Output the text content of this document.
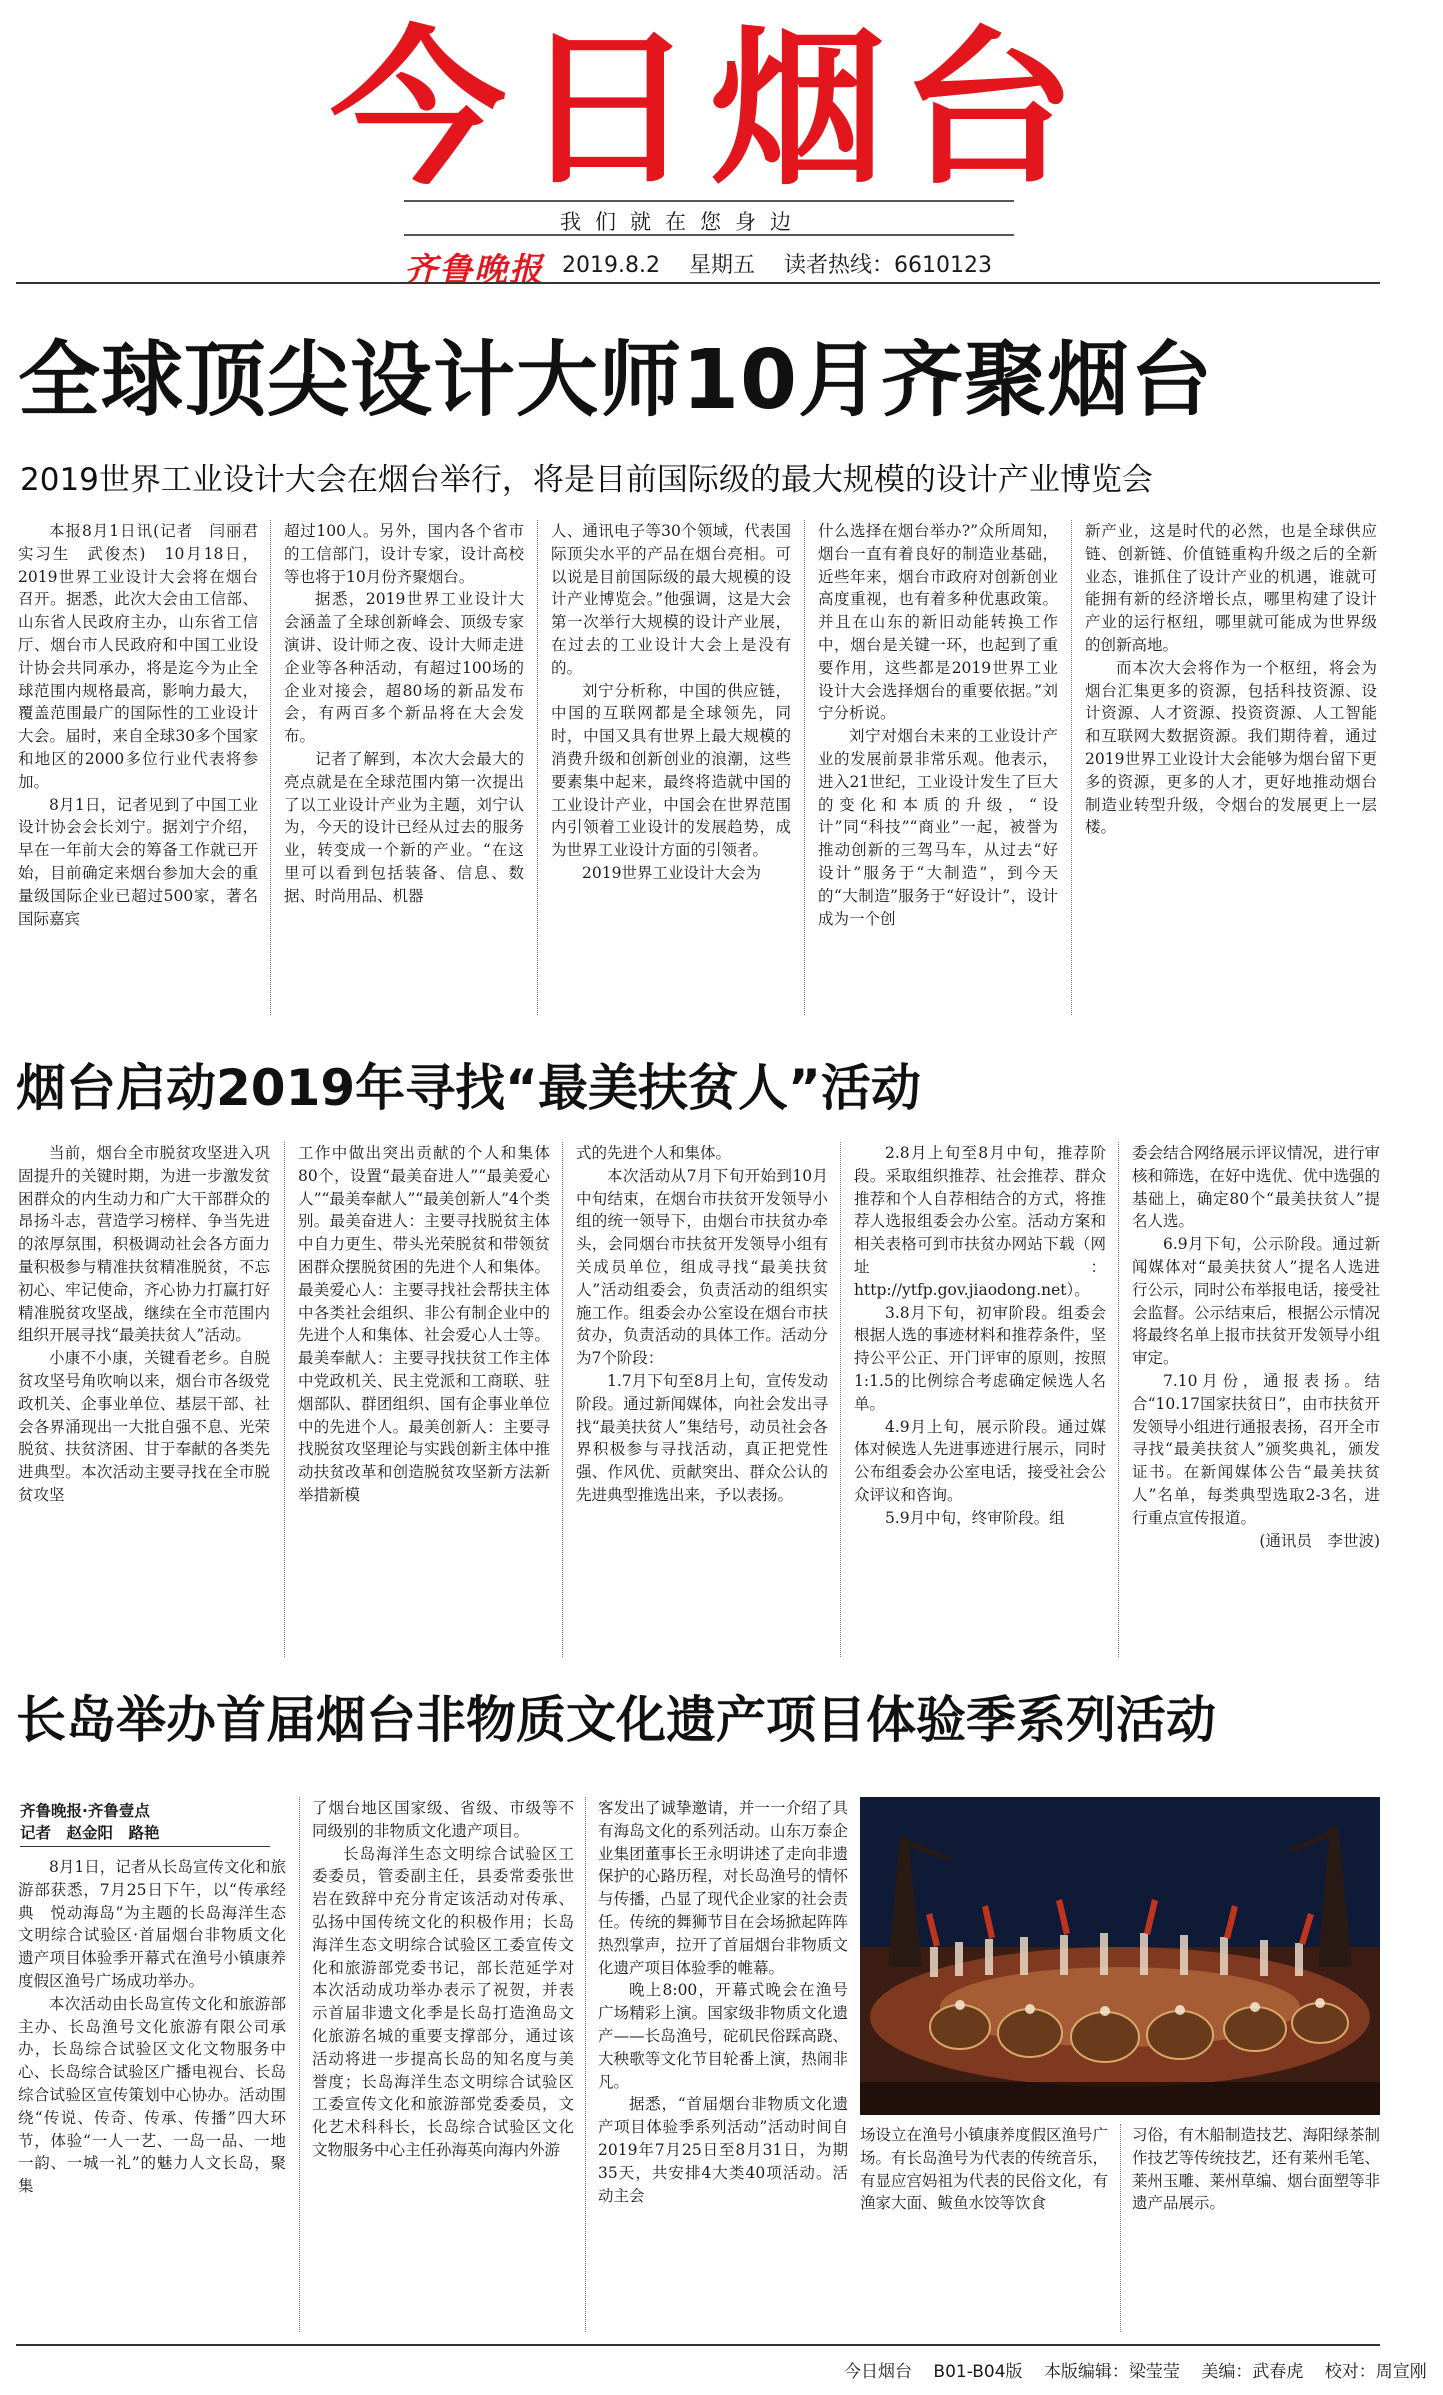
今日烟台
我们就在您身边
齐鲁晚报 2019.8.2 星期五 读者热线：6610123
全球顶尖设计大师10月齐聚烟台
2019世界工业设计大会在烟台举行，将是目前国际级的最大规模的设计产业博览会

本报8月1日讯(记者　闫丽君　实习生　武俊杰)　10月18日，2019世界工业设计大会将在烟台召开。据悉，此次大会由工信部、山东省人民政府主办，山东省工信厅、烟台市人民政府和中国工业设计协会共同承办，将是迄今为止全球范围内规格最高，影响力最大，覆盖范围最广的国际性的工业设计大会。届时，来自全球30多个国家和地区的2000多位行业代表将参加。

8月1日，记者见到了中国工业设计协会会长刘宁。据刘宁介绍，早在一年前大会的筹备工作就已开始，目前确定来烟台参加大会的重量级国际企业已超过500家，著名国际嘉宾

超过100人。另外，国内各个省市的工信部门，设计专家，设计高校等也将于10月份齐聚烟台。

据悉，2019世界工业设计大会涵盖了全球创新峰会、顶级专家演讲、设计师之夜、设计大师走进企业等各种活动，有超过100场的企业对接会，超80场的新品发布会，有两百多个新品将在大会发布。

记者了解到，本次大会最大的亮点就是在全球范围内第一次提出了以工业设计产业为主题，刘宁认为，今天的设计已经从过去的服务业，转变成一个新的产业。“在这里可以看到包括装备、信息、数据、时尚用品、机器

人、通讯电子等30个领域，代表国际顶尖水平的产品在烟台亮相。可以说是目前国际级的最大规模的设计产业博览会。”他强调，这是大会第一次举行大规模的设计产业展，在过去的工业设计大会上是没有的。

刘宁分析称，中国的供应链，中国的互联网都是全球领先，同时，中国又具有世界上最大规模的消费升级和创新创业的浪潮，这些要素集中起来，最终将造就中国的工业设计产业，中国会在世界范围内引领着工业设计的发展趋势，成为世界工业设计方面的引领者。

2019世界工业设计大会为

什么选择在烟台举办?”众所周知，烟台一直有着良好的制造业基础，近些年来，烟台市政府对创新创业高度重视，也有着多种优惠政策。并且在山东的新旧动能转换工作中，烟台是关键一环，也起到了重要作用，这些都是2019世界工业设计大会选择烟台的重要依据。”刘宁分析说。

刘宁对烟台未来的工业设计产业的发展前景非常乐观。他表示，进入21世纪，工业设计发生了巨大的变化和本质的升级，“设计”同“科技”“商业”一起，被誉为推动创新的三驾马车，从过去“好设计”服务于“大制造”，到今天的“大制造”服务于“好设计”，设计成为一个创

新产业，这是时代的必然，也是全球供应链、创新链、价值链重构升级之后的全新业态，谁抓住了设计产业的机遇，谁就可能拥有新的经济增长点，哪里构建了设计产业的运行枢纽，哪里就可能成为世界级的创新高地。

而本次大会将作为一个枢纽，将会为烟台汇集更多的资源，包括科技资源、设计资源、人才资源、投资资源、人工智能和互联网大数据资源。我们期待着，通过2019世界工业设计大会能够为烟台留下更多的资源，更多的人才，更好地推动烟台制造业转型升级，令烟台的发展更上一层楼。

烟台启动2019年寻找“最美扶贫人”活动

当前，烟台全市脱贫攻坚进入巩固提升的关键时期，为进一步激发贫困群众的内生动力和广大干部群众的昂扬斗志，营造学习榜样、争当先进的浓厚氛围，积极调动社会各方面力量积极参与精准扶贫精准脱贫，不忘初心、牢记使命，齐心协力打赢打好精准脱贫攻坚战，继续在全市范围内组织开展寻找“最美扶贫人”活动。

小康不小康，关键看老乡。自脱贫攻坚号角吹响以来，烟台市各级党政机关、企事业单位、基层干部、社会各界涌现出一大批自强不息、光荣脱贫、扶贫济困、甘于奉献的各类先进典型。本次活动主要寻找在全市脱贫攻坚

工作中做出突出贡献的个人和集体80个，设置“最美奋进人”“最美爱心人”“最美奉献人”“最美创新人”4个类别。最美奋进人：主要寻找脱贫主体中自力更生、带头光荣脱贫和带领贫困群众摆脱贫困的先进个人和集体。最美爱心人：主要寻找社会帮扶主体中各类社会组织、非公有制企业中的先进个人和集体、社会爱心人士等。最美奉献人：主要寻找扶贫工作主体中党政机关、民主党派和工商联、驻烟部队、群团组织、国有企事业单位中的先进个人。最美创新人：主要寻找脱贫攻坚理论与实践创新主体中推动扶贫改革和创造脱贫攻坚新方法新举措新模

式的先进个人和集体。

本次活动从7月下旬开始到10月中旬结束，在烟台市扶贫开发领导小组的统一领导下，由烟台市扶贫办牵头，会同烟台市扶贫开发领导小组有关成员单位，组成寻找“最美扶贫人”活动组委会，负责活动的组织实施工作。组委会办公室设在烟台市扶贫办，负责活动的具体工作。活动分为7个阶段：

1.7月下旬至8月上旬，宣传发动阶段。通过新闻媒体，向社会发出寻找“最美扶贫人”集结号，动员社会各界积极参与寻找活动，真正把党性强、作风优、贡献突出、群众公认的先进典型推选出来，予以表扬。

2.8月上旬至8月中旬，推荐阶段。采取组织推荐、社会推荐、群众推荐和个人自荐相结合的方式，将推荐人选报组委会办公室。活动方案和相关表格可到市扶贫办网站下载（网址：http://ytfp.gov.jiaodong.net）。

3.8月下旬，初审阶段。组委会根据人选的事迹材料和推荐条件，坚持公平公正、开门评审的原则，按照1:1.5的比例综合考虑确定候选人名单。

4.9月上旬，展示阶段。通过媒体对候选人先进事迹进行展示，同时公布组委会办公室电话，接受社会公众评议和咨询。

5.9月中旬，终审阶段。组

委会结合网络展示评议情况，进行审核和筛选，在好中选优、优中选强的基础上，确定80个“最美扶贫人”提名人选。

6.9月下旬，公示阶段。通过新闻媒体对“最美扶贫人”提名人选进行公示，同时公布举报电话，接受社会监督。公示结束后，根据公示情况将最终名单上报市扶贫开发领导小组审定。

7.10月份，通报表扬。结合“10.17国家扶贫日”，由市扶贫开发领导小组进行通报表扬，召开全市寻找“最美扶贫人”颁奖典礼，颁发证书。在新闻媒体公告“最美扶贫人”名单，每类典型选取2-3名，进行重点宣传报道。

(通讯员　李世波)

长岛举办首届烟台非物质文化遗产项目体验季系列活动
齐鲁晚报·齐鲁壹点
记者　赵金阳　路艳

8月1日，记者从长岛宣传文化和旅游部获悉，7月25日下午，以“传承经典　悦动海岛”为主题的长岛海洋生态文明综合试验区·首届烟台非物质文化遗产项目体验季开幕式在渔号小镇康养度假区渔号广场成功举办。

本次活动由长岛宣传文化和旅游部主办、长岛渔号文化旅游有限公司承办，长岛综合试验区文化文物服务中心、长岛综合试验区广播电视台、长岛综合试验区宣传策划中心协办。活动围绕“传说、传奇、传承、传播”四大环节，体验“一人一艺、一岛一品、一地一韵、一城一礼”的魅力人文长岛，聚集

了烟台地区国家级、省级、市级等不同级别的非物质文化遗产项目。

长岛海洋生态文明综合试验区工委委员，管委副主任，县委常委张世岩在致辞中充分肯定该活动对传承、弘扬中国传统文化的积极作用；长岛海洋生态文明综合试验区工委宣传文化和旅游部党委书记，部长范延学对本次活动成功举办表示了祝贺，并表示首届非遗文化季是长岛打造渔岛文化旅游名城的重要支撑部分，通过该活动将进一步提高长岛的知名度与美誉度；长岛海洋生态文明综合试验区工委宣传文化和旅游部党委委员，文化艺术科科长，长岛综合试验区文化文物服务中心主任孙海英向海内外游

客发出了诚挚邀请，并一一介绍了具有海岛文化的系列活动。山东万泰企业集团董事长王永明讲述了走向非遗保护的心路历程，对长岛渔号的情怀与传播，凸显了现代企业家的社会责任。传统的舞狮节目在会场掀起阵阵热烈掌声，拉开了首届烟台非物质文化遗产项目体验季的帷幕。

晚上8:00，开幕式晚会在渔号广场精彩上演。国家级非物质文化遗产——长岛渔号，砣矶民俗踩高跷、大秧歌等文化节目轮番上演，热闹非凡。

据悉，“首届烟台非物质文化遗产项目体验季系列活动”活动时间自2019年7月25日至8月31日，为期35天，共安排4大类40项活动。活动主会

场设立在渔号小镇康养度假区渔号广场。有长岛渔号为代表的传统音乐，有显应宫妈祖为代表的民俗文化，有渔家大面、鲅鱼水饺等饮食

习俗，有木船制造技艺、海阳绿茶制作技艺等传统技艺，还有莱州毛笔、莱州玉雕、莱州草编、烟台面塑等非遗产品展示。

今日烟台 B01-B04版 本版编辑：梁莹莹 美编：武春虎 校对：周宣刚
